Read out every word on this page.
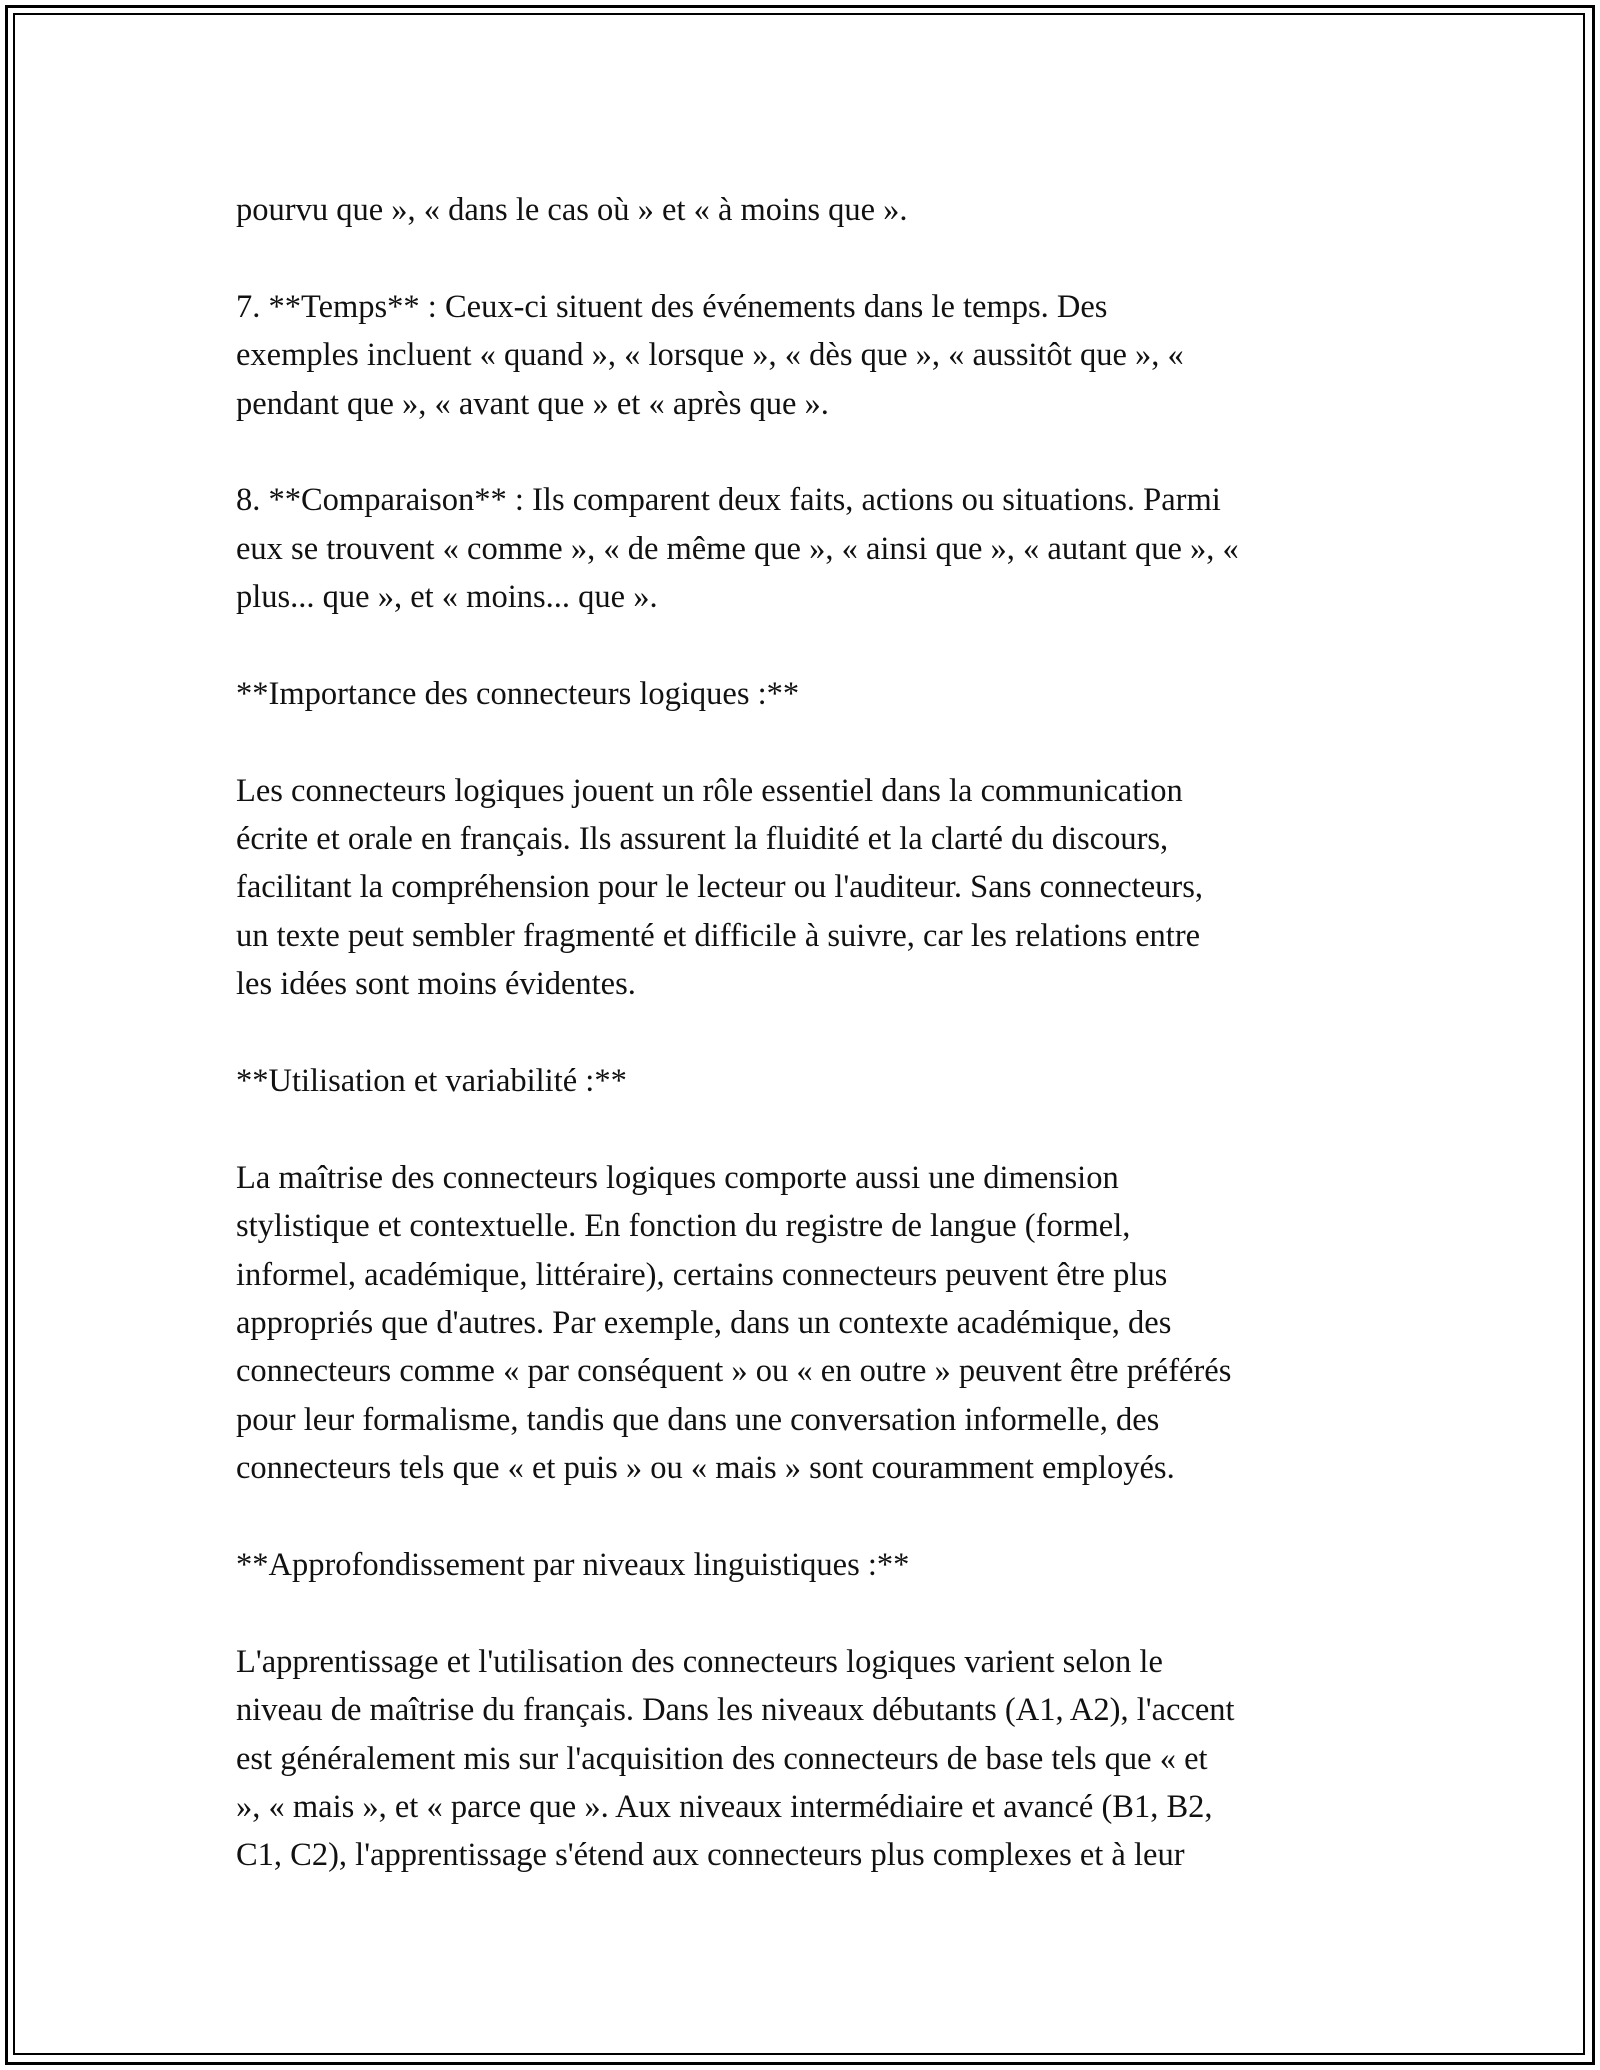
pourvu que », « dans le cas où » et « à moins que ».
7. **Temps** : Ceux-ci situent des événements dans le temps. Des
exemples incluent « quand », « lorsque », « dès que », « aussitôt que », «
pendant que », « avant que » et « après que ».
8. **Comparaison** : Ils comparent deux faits, actions ou situations. Parmi
eux se trouvent « comme », « de même que », « ainsi que », « autant que », «
plus... que », et « moins... que ».
**Importance des connecteurs logiques :**
Les connecteurs logiques jouent un rôle essentiel dans la communication
écrite et orale en français. Ils assurent la fluidité et la clarté du discours,
facilitant la compréhension pour le lecteur ou l'auditeur. Sans connecteurs,
un texte peut sembler fragmenté et difficile à suivre, car les relations entre
les idées sont moins évidentes.
**Utilisation et variabilité :**
La maîtrise des connecteurs logiques comporte aussi une dimension
stylistique et contextuelle. En fonction du registre de langue (formel,
informel, académique, littéraire), certains connecteurs peuvent être plus
appropriés que d'autres. Par exemple, dans un contexte académique, des
connecteurs comme « par conséquent » ou « en outre » peuvent être préférés
pour leur formalisme, tandis que dans une conversation informelle, des
connecteurs tels que « et puis » ou « mais » sont couramment employés.
**Approfondissement par niveaux linguistiques :**
L'apprentissage et l'utilisation des connecteurs logiques varient selon le
niveau de maîtrise du français. Dans les niveaux débutants (A1, A2), l'accent
est généralement mis sur l'acquisition des connecteurs de base tels que « et
», « mais », et « parce que ». Aux niveaux intermédiaire et avancé (B1, B2,
C1, C2), l'apprentissage s'étend aux connecteurs plus complexes et à leur
